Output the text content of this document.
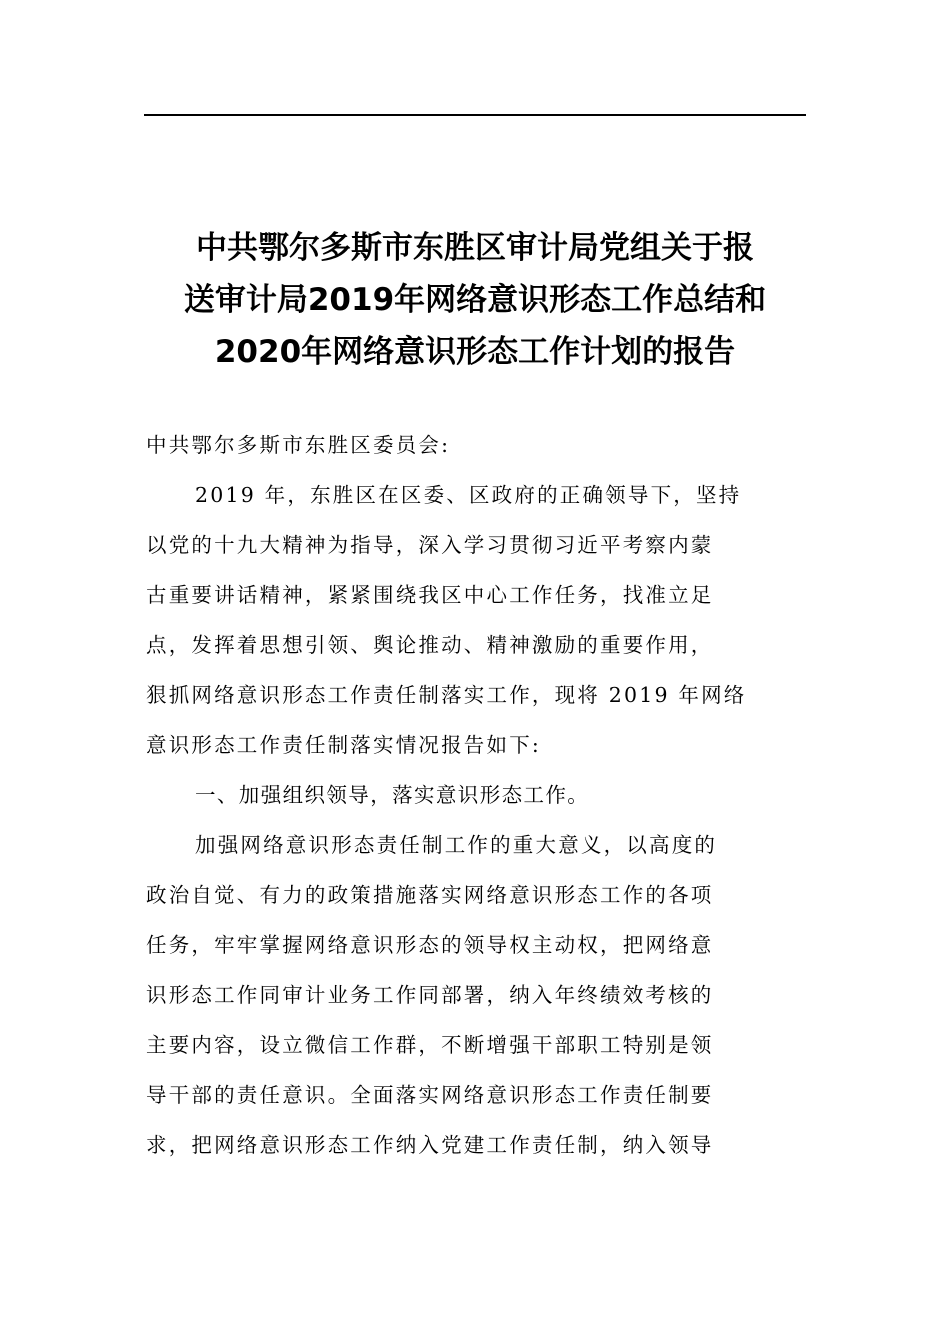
中共鄂尔多斯市东胜区审计局党组关于报
送审计局2019年网络意识形态工作总结和
2020年网络意识形态工作计划的报告

中共鄂尔多斯市东胜区委员会:

2019 年，东胜区在区委、区政府的正确领导下，坚持
以党的十九大精神为指导，深入学习贯彻习近平考察内蒙
古重要讲话精神，紧紧围绕我区中心工作任务，找准立足
点，发挥着思想引领、舆论推动、精神激励的重要作用，
狠抓网络意识形态工作责任制落实工作，现将 2019 年网络
意识形态工作责任制落实情况报告如下:

一、加强组织领导，落实意识形态工作。

加强网络意识形态责任制工作的重大意义，以高度的
政治自觉、有力的政策措施落实网络意识形态工作的各项
任务，牢牢掌握网络意识形态的领导权主动权，把网络意
识形态工作同审计业务工作同部署，纳入年终绩效考核的
主要内容，设立微信工作群，不断增强干部职工特别是领
导干部的责任意识。全面落实网络意识形态工作责任制要
求，把网络意识形态工作纳入党建工作责任制，纳入领导
